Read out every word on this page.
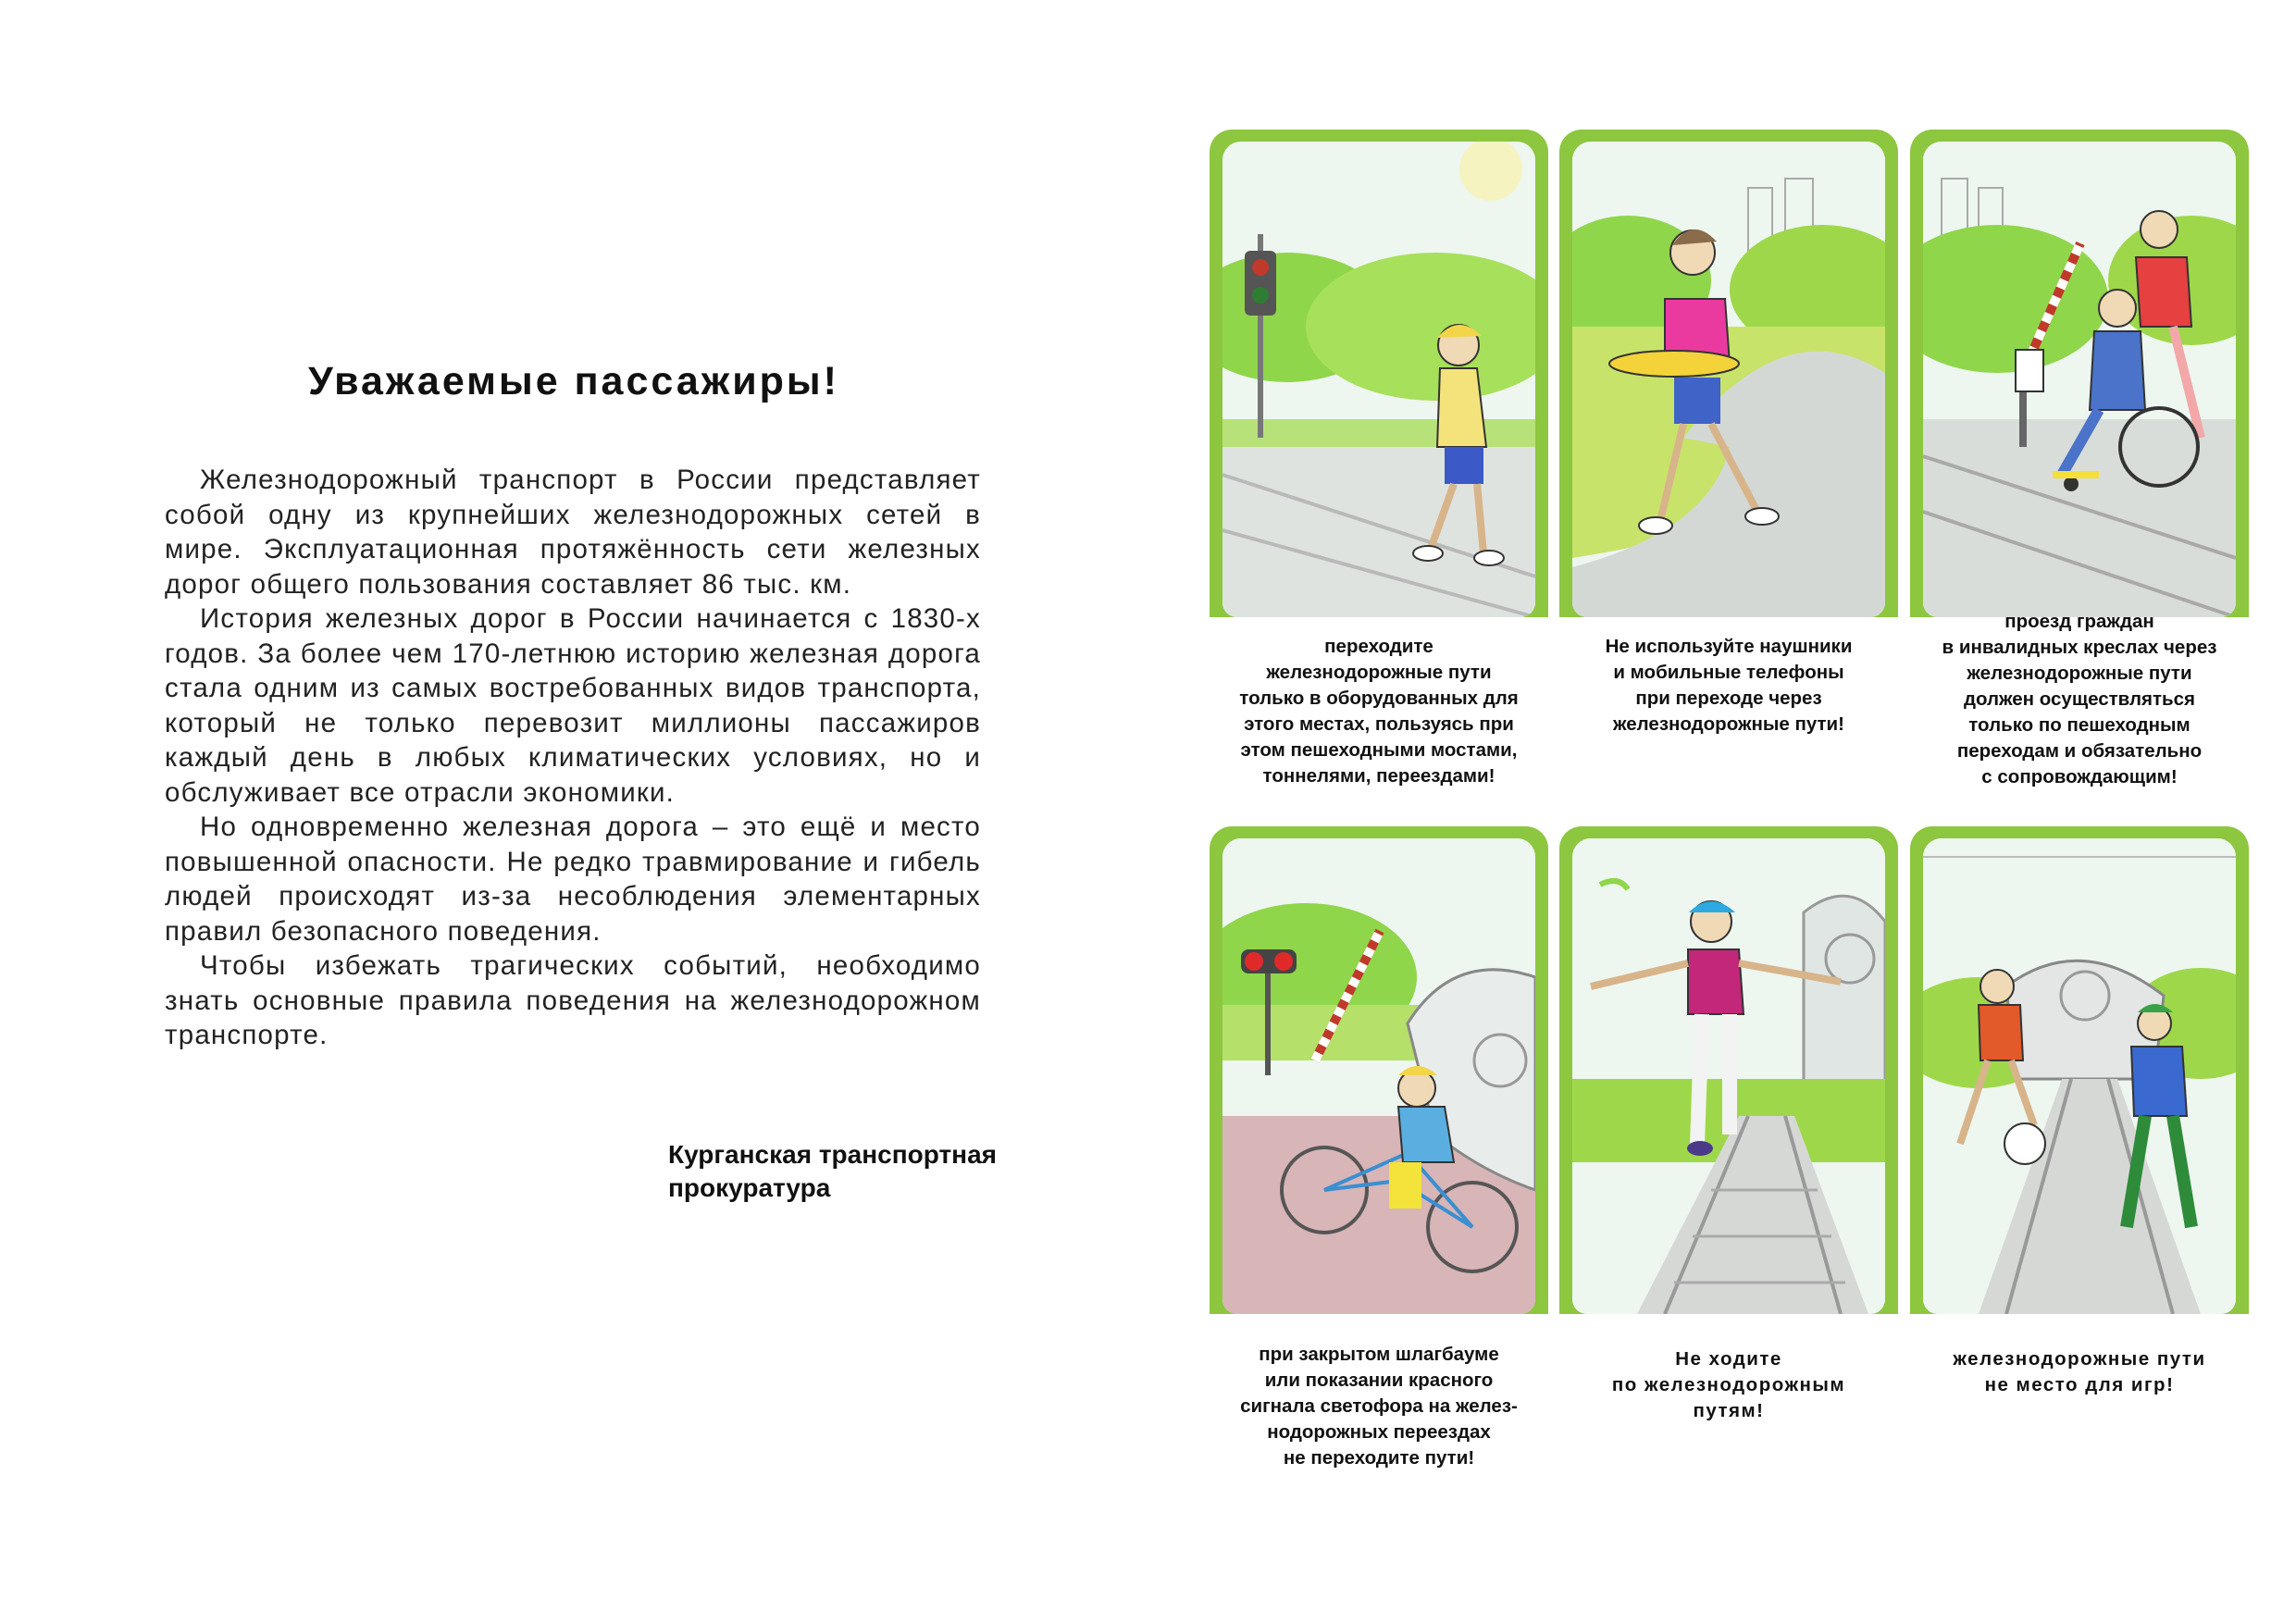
Уважаемые пассажиры!

Железнодорожный транспорт в России представляет собой одну из крупнейших железнодорожных сетей в мире. Эксплуатационная протяжённость сети железных дорог общего пользования составляет 86 тыс. км.

История железных дорог в России начинается с 1830-х годов. За более чем 170-летнюю историю железная дорога стала одним из самых востребованных видов транспорта, который не только перевозит миллионы пассажиров каждый день в любых климатических условиях, но и обслуживает все отрасли экономики.

Но одновременно железная дорога – это ещё и место повышенной опасности. Не редко травмирование и гибель людей происходят из-за несоблюдения элементарных правил безопасного поведения.

Чтобы избежать трагических событий, необходимо знать основные правила поведения на железнодорожном транспорте.

Курганская транспортная
прокуратура
переходите
железнодорожные пути
только в оборудованных для
этого местах, пользуясь при
этом пешеходными мостами,
тоннелями, переездами!
Не используйте наушники
и мобильные телефоны
при переходе через
железнодорожные пути!
проезд граждан
в инвалидных креслах через
железнодорожные пути
должен осуществляться
только по пешеходным
переходам и обязательно
с сопровождающим!
при закрытом шлагбауме
или показании красного
сигнала светофора на желез-
нодорожных переездах
не переходите пути!
Не ходите
по железнодорожным
путям!
железнодорожные пути
не место для игр!
